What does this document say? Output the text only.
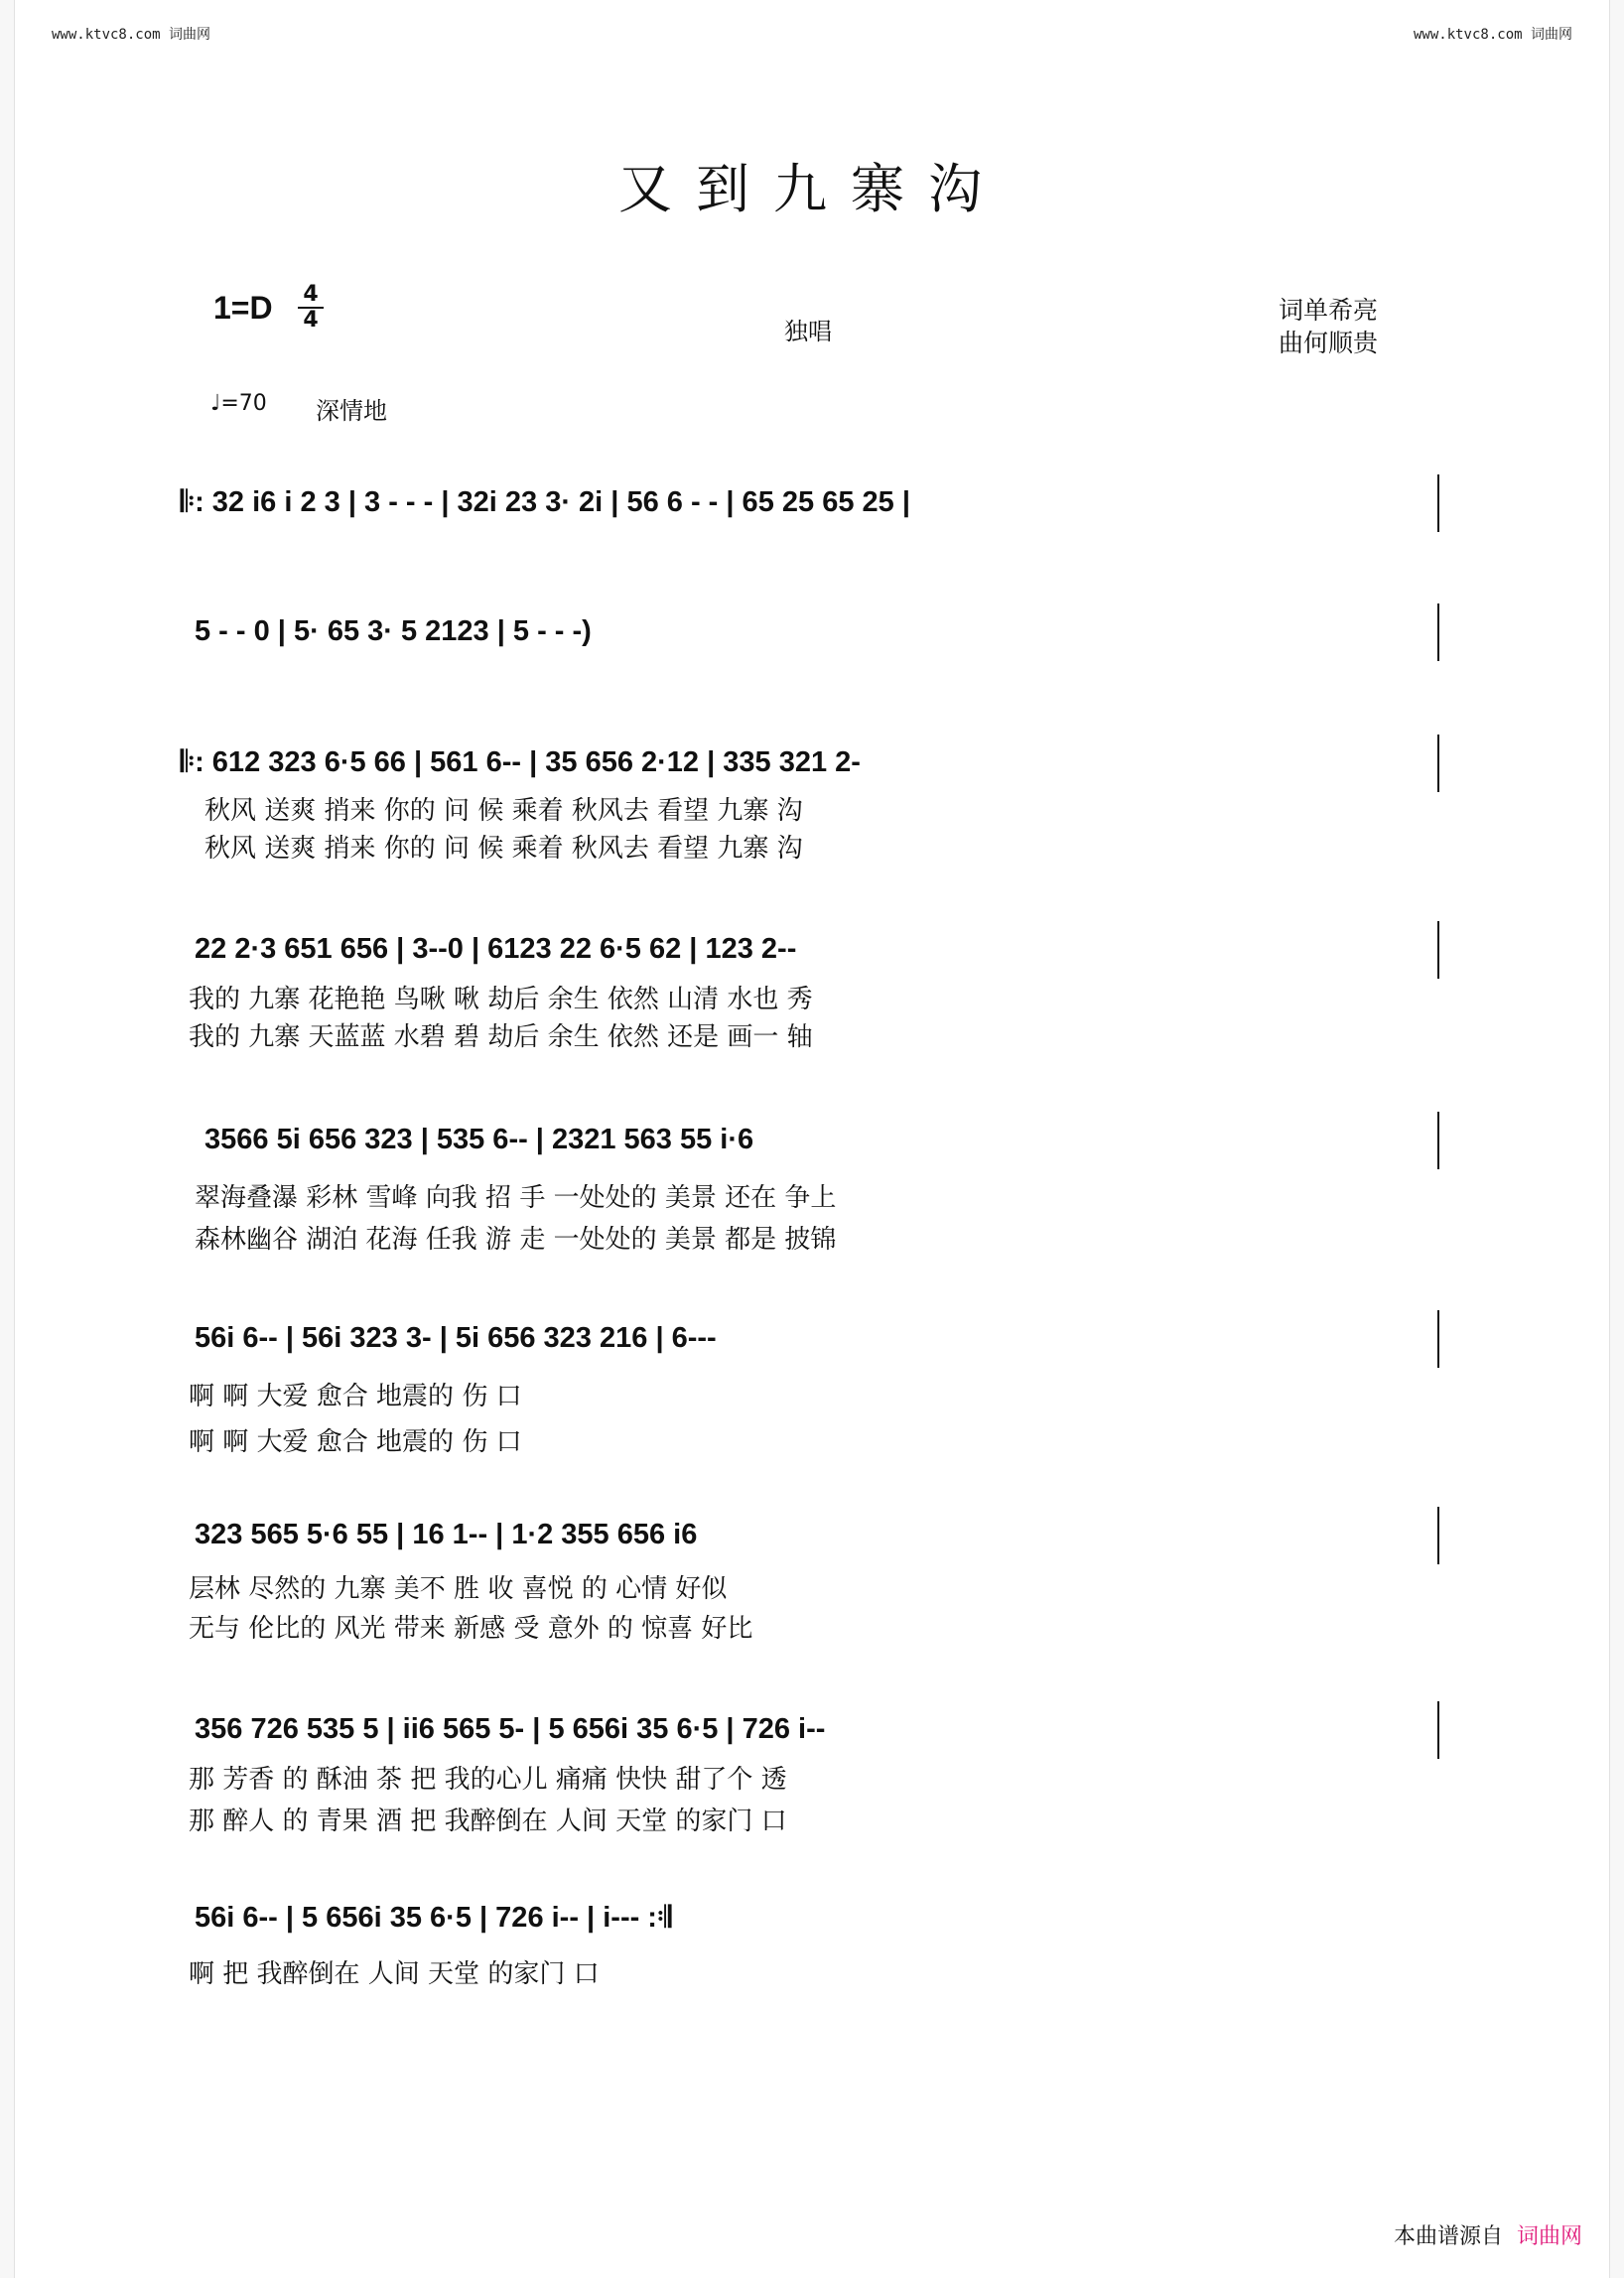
www.ktvc8.com 词曲网	www.ktvc8.com 词曲网
又到九寨沟
1=D 4
4	独唱
词单希亮
曲何顺贵
♩=70 深情地
𝄆: 32 i6 i 2 3 | 3 - - - | 32i 23 3· 2i | 56 6 - - | 65 25 65 25 |
5 - - 0 | 5· 65 3· 5 2123 | 5 - - -)
𝄆: 612 323 6·5 66 | 561 6-- | 35 656 2·12 | 335 321 2-
秋风 送爽 捎来 你的 问 候 乘着 秋风去 看望 九寨 沟
秋风 送爽 捎来 你的 问 候 乘着 秋风去 看望 九寨 沟
22 2·3 651 656 | 3--0 | 6123 22 6·5 62 | 123 2--
我的 九寨 花艳艳 鸟啾 啾 劫后 余生 依然 山清 水也 秀
我的 九寨 天蓝蓝 水碧 碧 劫后 余生 依然 还是 画一 轴
3566 5i 656 323 | 535 6-- | 2321 563 55 i·6
翠海叠瀑 彩林 雪峰 向我 招 手 一处处的 美景 还在 争上
森林幽谷 湖泊 花海 任我 游 走 一处处的 美景 都是 披锦
56i 6-- | 56i 323 3- | 5i 656 323 216 | 6---
啊 啊 大爱 愈合 地震的 伤 口
啊 啊 大爱 愈合 地震的 伤 口
323 565 5·6 55 | 16 1-- | 1·2 355 656 i6
层林 尽然的 九寨 美不 胜 收 喜悦 的 心情 好似
无与 伦比的 风光 带来 新感 受 意外 的 惊喜 好比
356 726 535 5 | ii6 565 5- | 5 656i 35 6·5 | 726 i--
那 芳香 的 酥油 茶 把 我的心儿 痛痛 快快 甜了个 透
那 醉人 的 青果 酒 把 我醉倒在 人间 天堂 的家门 口
56i 6-- | 5 656i 35 6·5 | 726 i-- | i--- :𝄇
啊 把 我醉倒在 人间 天堂 的家门 口
本曲谱源自 词曲网
